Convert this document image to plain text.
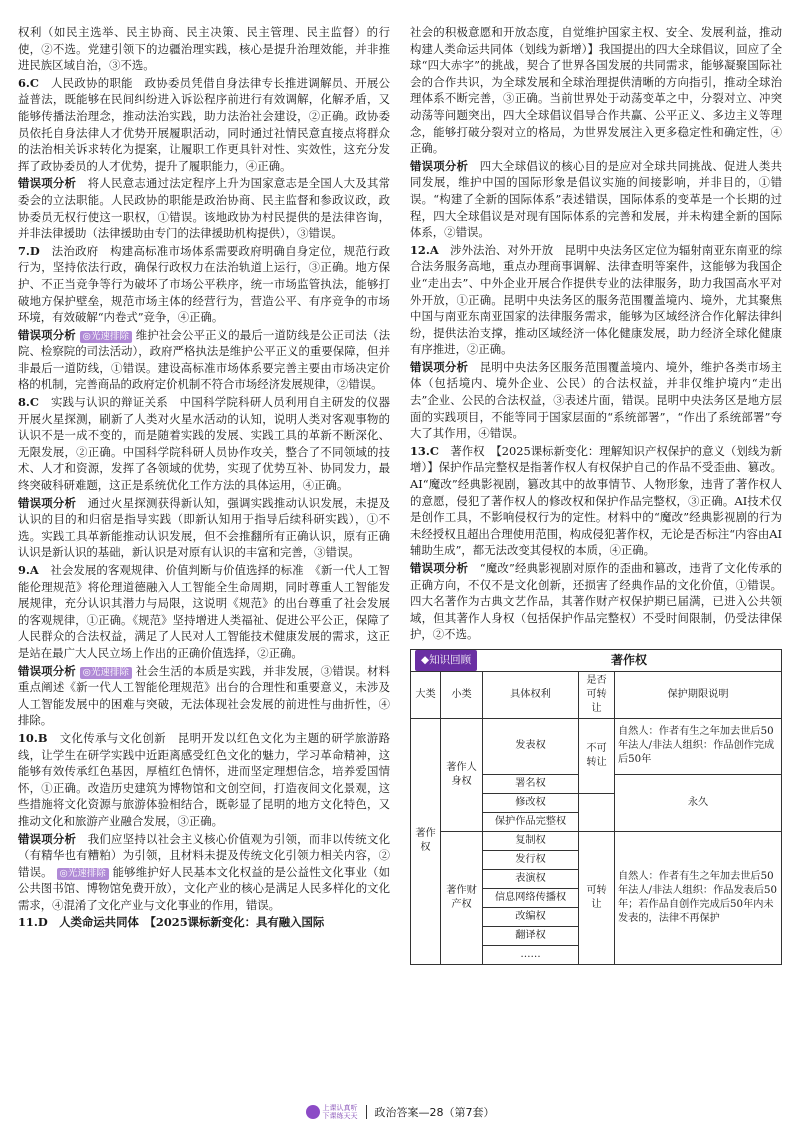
权利（如民主选举、民主协商、民主决策、民主管理、民主监督）的行使，②不选。党建引领下的边疆治理实践，核心是提升治理效能，并非推进民族区域自治，③不选。

6.C　 人民政协的职能　政协委员凭借自身法律专长推进调解员、开展公益普法，既能够在民间纠纷进入诉讼程序前进行有效调解，化解矛盾，又能够传播法治理念，推动法治实践，助力法治社会建设，②正确。政协委员依托自身法律人才优势开展履职活动，同时通过社情民意直接点将群众的法治相关诉求转化为提案，让履职工作更具针对性、实效性，这充分发挥了政协委员的人才优势，提升了履职能力，④正确。

错误项分析　 将人民意志通过法定程序上升为国家意志是全国人大及其常委会的立法职能。人民政协的职能是政治协商、民主监督和参政议政，政协委员无权行使这一职权，①错误。该地政协为村民提供的是法律咨询，并非法律援助（法律援助由专门的法律援助机构提供），③错误。

7.D　 法治政府　构建高标准市场体系需要政府明确自身定位，规范行政行为，坚持依法行政，确保行政权力在法治轨道上运行，③正确。地方保护、不正当竞争等行为破坏了市场公平秩序，统一市场监管执法，能够打破地方保护壁垒，规范市场主体的经营行为，营造公平、有序竞争的市场环境，有效破解“内卷式”竞争，④正确。

错误项分析 ◎光速排除 维护社会公平正义的最后一道防线是公正司法（法院、检察院的司法活动），政府严格执法是维护公平正义的重要保障，但并非最后一道防线，①错误。建设高标准市场体系要完善主要由市场决定价格的机制，完善商品的政府定价机制不符合市场经济发展规律，②错误。

8.C　 实践与认识的辩证关系　中国科学院科研人员利用自主研发的仪器开展火星探测，刷新了人类对火星水活动的认知，说明人类对客观事物的认识不是一成不变的，而是随着实践的发展、实践工具的革新不断深化、无限发展，②正确。中国科学院科研人员协作攻关，整合了不同领域的技术、人才和资源，发挥了各领域的优势，实现了优势互补、协同发力，最终突破科研难题，这正是系统优化工作方法的具体运用，④正确。

错误项分析　 通过火星探测获得新认知，强调实践推动认识发展，未提及认识的目的和归宿是指导实践（即新认知用于指导后续科研实践），①不选。实践工具革新能推动认识发展，但不会推翻所有正确认识，原有正确认识是新认识的基础，新认识是对原有认识的丰富和完善，③错误。

9.A　 社会发展的客观规律、价值判断与价值选择的标准　《新一代人工智能伦理规范》将伦理道德融入人工智能全生命周期，同时尊重人工智能发展规律，充分认识其潜力与局限，这说明《规范》的出台尊重了社会发展的客观规律，①正确。《规范》坚持增进人类福祉、促进公平公正，保障了人民群众的合法权益，满足了人民对人工智能技术健康发展的需求，这正是站在最广大人民立场上作出的正确价值选择，②正确。

错误项分析 ◎光速排除 社会生活的本质是实践，并非发展，③错误。材料重点阐述《新一代人工智能伦理规范》出台的合理性和重要意义，未涉及人工智能发展中的困难与突破，无法体现社会发展的前进性与曲折性，④排除。

10.B　 文化传承与文化创新　昆明开发以红色文化为主题的研学旅游路线，让学生在研学实践中近距离感受红色文化的魅力，学习革命精神，这能够有效传承红色基因，厚植红色情怀，进而坚定理想信念，培养爱国情怀，①正确。改造历史建筑为博物馆和文创空间，打造夜间文化景观，这些措施将文化资源与旅游体验相结合，既彰显了昆明的地方文化特色，又推动文化和旅游产业融合发展，③正确。

错误项分析　 我们应坚持以社会主义核心价值观为引领，而非以传统文化（有精华也有糟粕）为引领，且材料未提及传统文化引领力相关内容，②错误。 ◎光速排除 能够维护好人民基本文化权益的是公益性文化事业（如公共图书馆、博物馆免费开放），文化产业的核心是满足人民多样化的文化需求，④混淆了文化产业与文化事业的作用，错误。

11.D　 人类命运共同体　【2025课标新变化：具有融入国际

社会的积极意愿和开放态度，自觉维护国家主权、安全、发展利益，推动构建人类命运共同体（划线为新增）】我国提出的四大全球倡议，回应了全球“四大赤字”的挑战，契合了世界各国发展的共同需求，能够凝聚国际社会的合作共识，为全球发展和全球治理提供清晰的方向指引，推动全球治理体系不断完善，③正确。当前世界处于动荡变革之中，分裂对立、冲突动荡等问题突出，四大全球倡议倡导合作共赢、公平正义、多边主义等理念，能够打破分裂对立的格局，为世界发展注入更多稳定性和确定性，④正确。

错误项分析　 四大全球倡议的核心目的是应对全球共同挑战、促进人类共同发展，维护中国的国际形象是倡议实施的间接影响，并非目的，①错误。“构建了全新的国际体系”表述错误，国际体系的变革是一个长期的过程，四大全球倡议是对现有国际体系的完善和发展，并未构建全新的国际体系，②错误。

12.A　 涉外法治、对外开放　昆明中央法务区定位为辐射南亚东南亚的综合法务服务高地，重点办理商事调解、法律查明等案件，这能够为我国企业“走出去”、中外企业开展合作提供专业的法律服务，助力我国高水平对外开放，①正确。昆明中央法务区的服务范围覆盖境内、境外，尤其聚焦中国与南亚东南亚国家的法律服务需求，能够为区域经济合作化解法律纠纷，提供法治支撑，推动区域经济一体化健康发展，助力经济全球化健康有序推进，②正确。

错误项分析　 昆明中央法务区服务范围覆盖境内、境外，维护各类市场主体（包括境内、境外企业、公民）的合法权益，并非仅维护境内“走出去”企业、公民的合法权益，③表述片面，错误。昆明中央法务区是地方层面的实践项目，不能等同于国家层面的“系统部署”，“作出了系统部署”夸大了其作用，④错误。

13.C　 著作权　【2025课标新变化：理解知识产权保护的意义（划线为新增）】保护作品完整权是指著作权人有权保护自己的作品不受歪曲、篡改。AI“魔改”经典影视剧，篡改其中的故事情节、人物形象，违背了著作权人的意愿，侵犯了著作权人的修改权和保护作品完整权，③正确。AI技术仅是创作工具，不影响侵权行为的定性。材料中的“魔改”经典影视剧的行为未经授权且超出合理使用范围，构成侵犯著作权，无论是否标注“内容由AI辅助生成”，都无法改变其侵权的本质，④正确。

错误项分析　 “魔改”经典影视剧对原作的歪曲和篡改，违背了文化传承的正确方向，不仅不是文化创新，还损害了经典作品的文化价值，①错误。四大名著作为古典文艺作品，其著作财产权保护期已届满，已进入公共领域，但其著作人身权（包括保护作品完整权）不受时间限制，仍受法律保护，②不选。

◆知识回顾	著作权
大类	小类	具体权利	是否可转让	保护期限说明
著作权	著作人身权	发表权	不可转让	自然人：作者有生之年加去世后50年法人/非法人组织：作品创作完成后50年
		署名权		永久
		修改权		
		保护作品完整权		
	著作财产权	复制权	可转让	自然人：作者有生之年加去世后50年法人/非法人组织：作品发表后50年；若作品自创作完成后50年内未发表的，法律不再保护
		发行权		
		表演权		
		信息网络传播权		
		改编权		
		翻译权		
		……		
上课认真听
下课练天天 政治答案—28（第7套）
